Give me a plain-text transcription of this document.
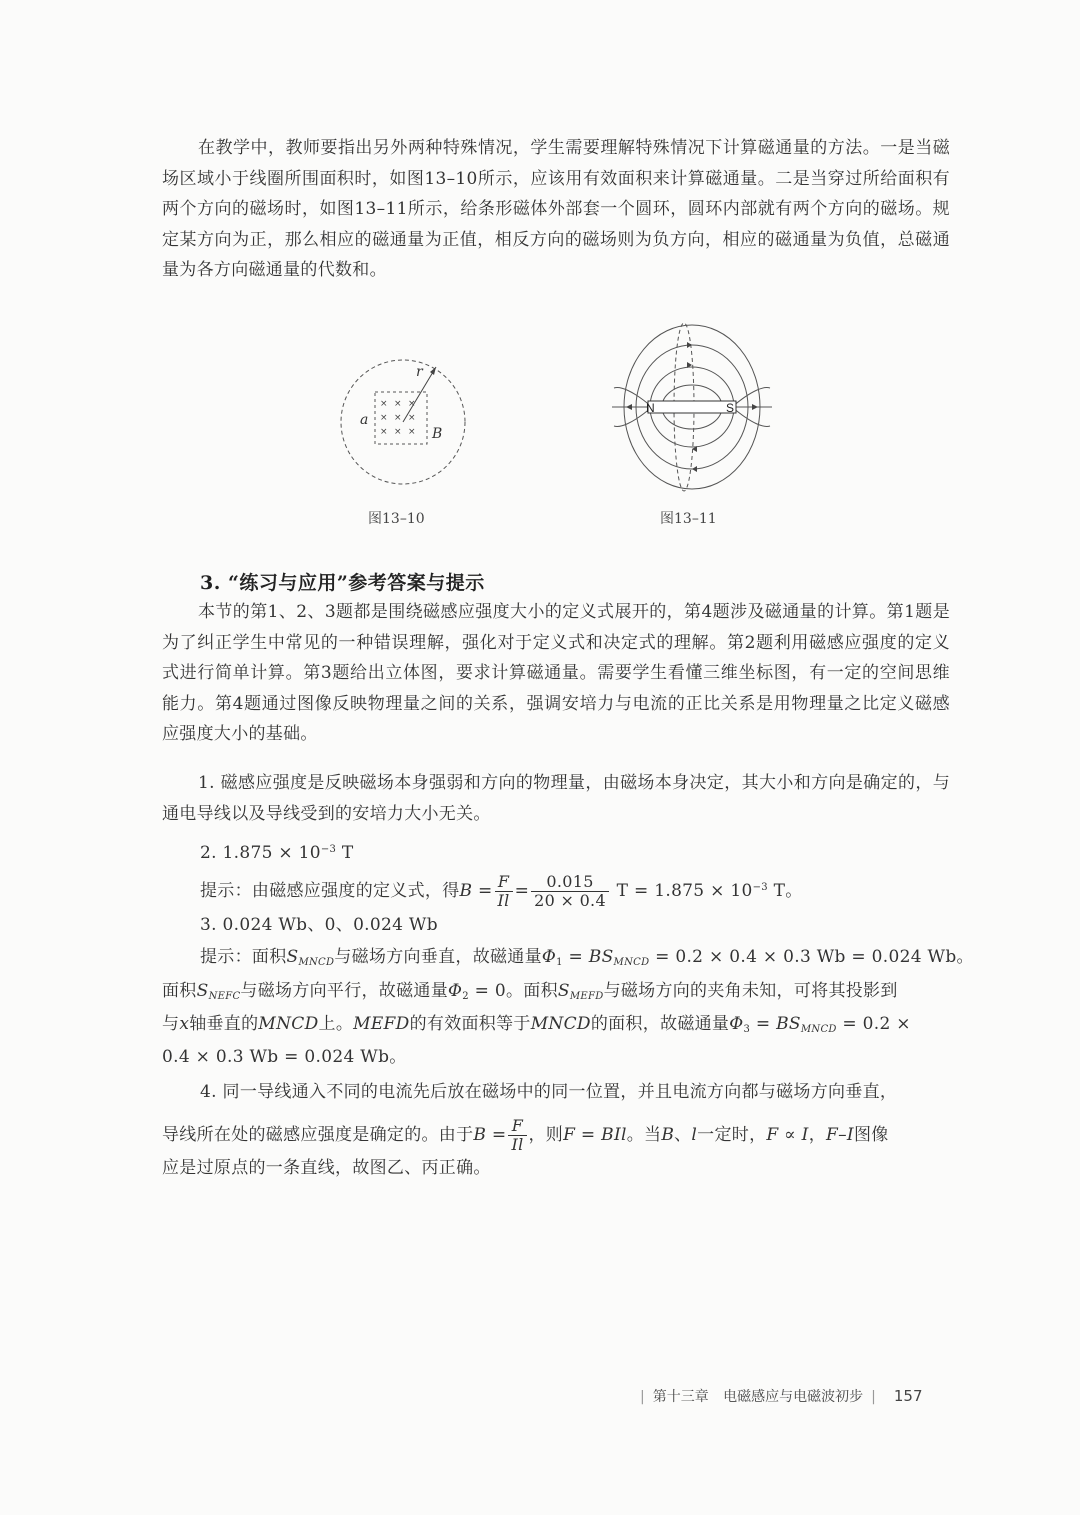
在教学中，教师要指出另外两种特殊情况，学生需要理解特殊情况下计算磁通量的方法。一是当磁场区域小于线圈所围面积时，如图13–10所示，应该用有效面积来计算磁通量。二是当穿过所给面积有两个方向的磁场时，如图13–11所示，给条形磁体外部套一个圆环，圆环内部就有两个方向的磁场。规定某方向为正，那么相应的磁通量为正值，相反方向的磁场则为负方向，相应的磁通量为负值，总磁通量为各方向磁通量的代数和。

× × ×
× × ×
× × ×
r
a
B
图13–10
N	S
图13–11
3. “练习与应用”参考答案与提示

本节的第1、2、3题都是围绕磁感应强度大小的定义式展开的，第4题涉及磁通量的计算。第1题是为了纠正学生中常见的一种错误理解，强化对于定义式和决定式的理解。第2题利用磁感应强度的定义式进行简单计算。第3题给出立体图，要求计算磁通量。需要学生看懂三维坐标图，有一定的空间思维能力。第4题通过图像反映物理量之间的关系，强调安培力与电流的正比关系是用物理量之比定义磁感应强度大小的基础。

1. 磁感应强度是反映磁场本身强弱和方向的物理量，由磁场本身决定，其大小和方向是确定的，与通电导线以及导线受到的安培力大小无关。

2. $1.875 \times 10^{-3}$ T
提示：由磁感应强度的定义式，得$B = \frac{F}{Il} = \frac{0.015}{20 \times 0.4}$ $T = 1.875 \times 10^{-3}$ T。
3. 0.024 Wb、0、0.024 Wb
提示：面积$S_{MNCD}$与磁场方向垂直，故磁通量$\Phi_1 = BS_{MNCD} = 0.2 \times 0.4 \times 0.3$ Wb = 0.024 Wb。
面积$S_{NEFC}$与磁场方向平行，故磁通量$\Phi_2 = 0$。面积$S_{MEFD}$与磁场方向的夹角未知，可将其投影到
与x轴垂直的MNCD上。MEFD的有效面积等于MNCD的面积，故磁通量$\Phi_3 = BS_{MNCD} = 0.2$ ×
0.4 × 0.3 Wb = 0.024 Wb。
4. 同一导线通入不同的电流先后放在磁场中的同一位置，并且电流方向都与磁场方向垂直，
导线所在处的磁感应强度是确定的。由于$B = \frac{F}{Il}$ ，则F = BIl。当B、l一定时，F ∝ I，F–I图像
应是过原点的一条直线，故图乙、丙正确。
| 第十三章 电磁感应与电磁波初步 | 157
